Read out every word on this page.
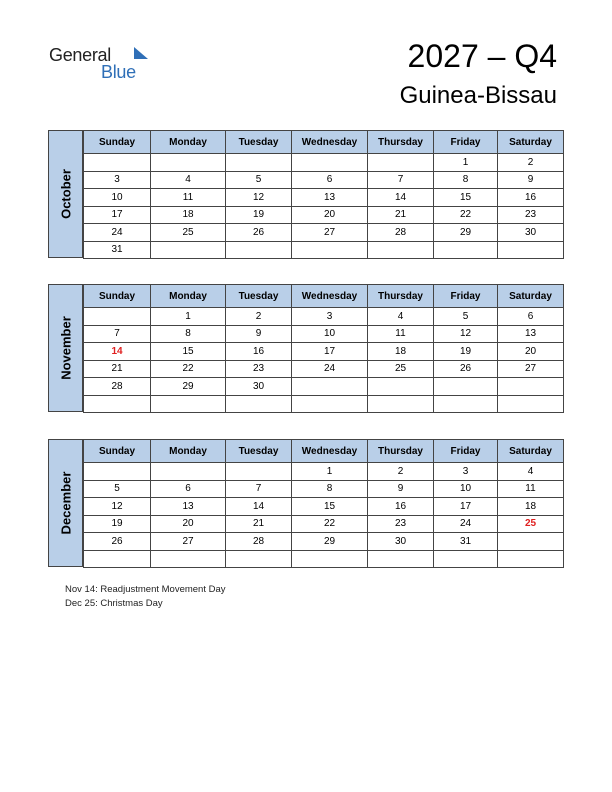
General
Blue	2027 – Q4
Guinea-Bissau
October
Sunday	Monday	Tuesday	Wednesday	Thursday	Friday	Saturday
					1	2
3	4	5	6	7	8	9
10	11	12	13	14	15	16
17	18	19	20	21	22	23
24	25	26	27	28	29	30
31						
November
Sunday	Monday	Tuesday	Wednesday	Thursday	Friday	Saturday
	1	2	3	4	5	6
7	8	9	10	11	12	13
14	15	16	17	18	19	20
21	22	23	24	25	26	27
28	29	30				

December
Sunday	Monday	Tuesday	Wednesday	Thursday	Friday	Saturday
			1	2	3	4
5	6	7	8	9	10	11
12	13	14	15	16	17	18
19	20	21	22	23	24	25
26	27	28	29	30	31	

Nov 14: Readjustment Movement Day
Dec 25: Christmas Day
